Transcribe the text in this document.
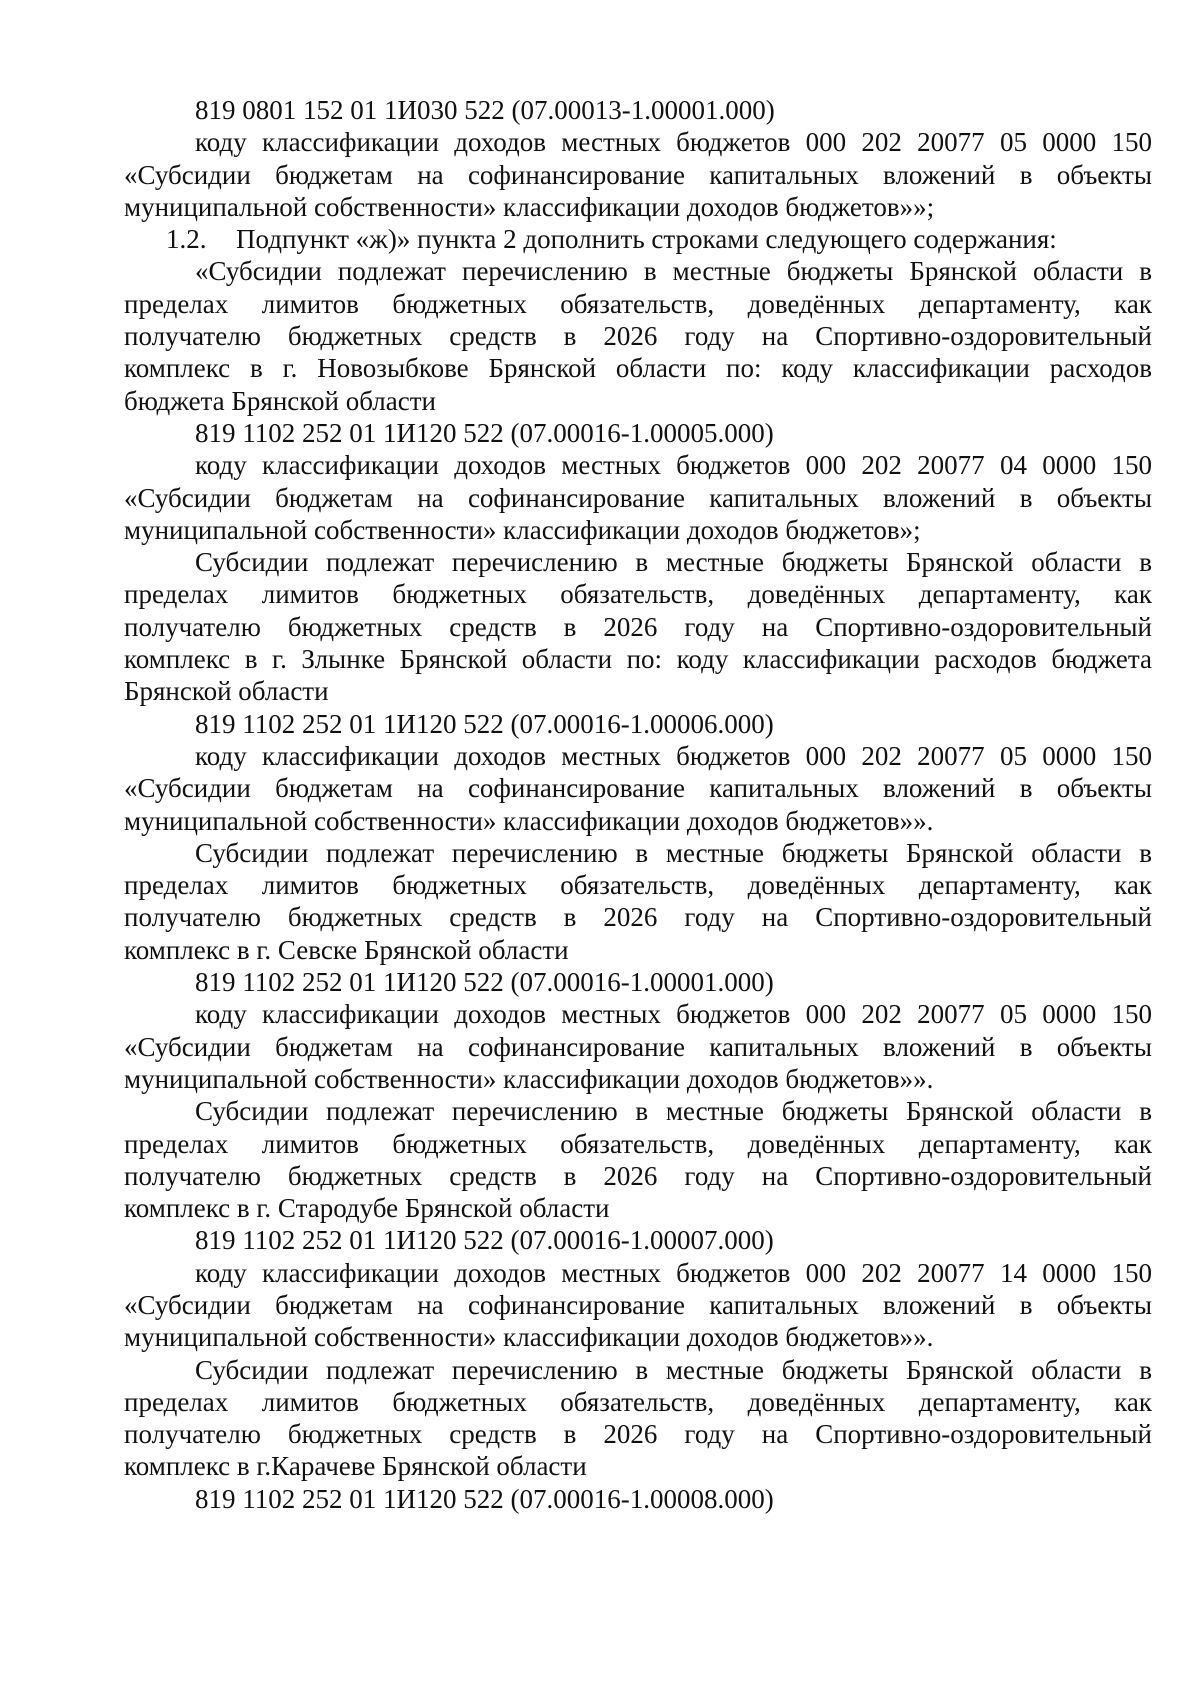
819 0801 152 01 1И030 522 (07.00013-1.00001.000)
коду классификации доходов местных бюджетов 000 202 20077 05 0000 150
«Субсидии бюджетам на софинансирование капитальных вложений в объекты
муниципальной собственности» классификации доходов бюджетов»»;
1.2. Подпункт «ж)» пункта 2 дополнить строками следующего содержания:
«Субсидии подлежат перечислению в местные бюджеты Брянской области в
пределах лимитов бюджетных обязательств, доведённых департаменту, как
получателю бюджетных средств в 2026 году на Спортивно-оздоровительный
комплекс в г. Новозыбкове Брянской области по: коду классификации расходов
бюджета Брянской области
819 1102 252 01 1И120 522 (07.00016-1.00005.000)
коду классификации доходов местных бюджетов 000 202 20077 04 0000 150
«Субсидии бюджетам на софинансирование капитальных вложений в объекты
муниципальной собственности» классификации доходов бюджетов»;
Субсидии подлежат перечислению в местные бюджеты Брянской области в
пределах лимитов бюджетных обязательств, доведённых департаменту, как
получателю бюджетных средств в 2026 году на Спортивно-оздоровительный
комплекс в г. Злынке Брянской области по: коду классификации расходов бюджета
Брянской области
819 1102 252 01 1И120 522 (07.00016-1.00006.000)
коду классификации доходов местных бюджетов 000 202 20077 05 0000 150
«Субсидии бюджетам на софинансирование капитальных вложений в объекты
муниципальной собственности» классификации доходов бюджетов»».
Субсидии подлежат перечислению в местные бюджеты Брянской области в
пределах лимитов бюджетных обязательств, доведённых департаменту, как
получателю бюджетных средств в 2026 году на Спортивно-оздоровительный
комплекс в г. Севске Брянской области
819 1102 252 01 1И120 522 (07.00016-1.00001.000)
коду классификации доходов местных бюджетов 000 202 20077 05 0000 150
«Субсидии бюджетам на софинансирование капитальных вложений в объекты
муниципальной собственности» классификации доходов бюджетов»».
Субсидии подлежат перечислению в местные бюджеты Брянской области в
пределах лимитов бюджетных обязательств, доведённых департаменту, как
получателю бюджетных средств в 2026 году на Спортивно-оздоровительный
комплекс в г. Стародубе Брянской области
819 1102 252 01 1И120 522 (07.00016-1.00007.000)
коду классификации доходов местных бюджетов 000 202 20077 14 0000 150
«Субсидии бюджетам на софинансирование капитальных вложений в объекты
муниципальной собственности» классификации доходов бюджетов»».
Субсидии подлежат перечислению в местные бюджеты Брянской области в
пределах лимитов бюджетных обязательств, доведённых департаменту, как
получателю бюджетных средств в 2026 году на Спортивно-оздоровительный
комплекс в г.Карачеве Брянской области
819 1102 252 01 1И120 522 (07.00016-1.00008.000)
